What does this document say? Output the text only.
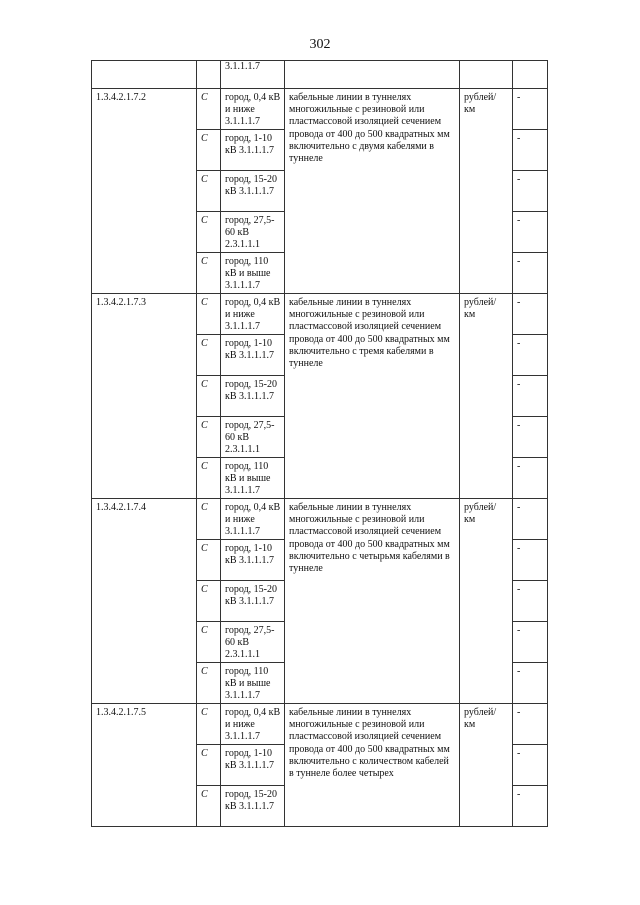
302
		3.1.1.1.7			
1.3.4.2.1.7.2	С	город, 0,4 кВ и ниже 3.1.1.1.7	кабельные линии в туннелях многожильные с резиновой или пластмассовой изоляцией сечением провода от 400 до 500 квадратных мм включительно с двумя кабелями в туннеле	рублей/ км	-
	С	город, 1-10 кВ 3.1.1.1.7			-
	С	город, 15-20 кВ 3.1.1.1.7			-
	С	город, 27,5-60 кВ 2.3.1.1.1			-
	С	город, 110 кВ и выше 3.1.1.1.7			-
1.3.4.2.1.7.3	С	город, 0,4 кВ и ниже 3.1.1.1.7	кабельные линии в туннелях многожильные с резиновой или пластмассовой изоляцией сечением провода от 400 до 500 квадратных мм включительно с тремя кабелями в туннеле	рублей/ км	-
	С	город, 1-10 кВ 3.1.1.1.7			-
	С	город, 15-20 кВ 3.1.1.1.7			-
	С	город, 27,5-60 кВ 2.3.1.1.1			-
	С	город, 110 кВ и выше 3.1.1.1.7			-
1.3.4.2.1.7.4	С	город, 0,4 кВ и ниже 3.1.1.1.7	кабельные линии в туннелях многожильные с резиновой или пластмассовой изоляцией сечением провода от 400 до 500 квадратных мм включительно с четырьмя кабелями в туннеле	рублей/ км	-
	С	город, 1-10 кВ 3.1.1.1.7			-
	С	город, 15-20 кВ 3.1.1.1.7			-
	С	город, 27,5-60 кВ 2.3.1.1.1			-
	С	город, 110 кВ и выше 3.1.1.1.7			-
1.3.4.2.1.7.5	С	город, 0,4 кВ и ниже 3.1.1.1.7	кабельные линии в туннелях многожильные с резиновой или пластмассовой изоляцией сечением провода от 400 до 500 квадратных мм включительно с количеством кабелей в туннеле более четырех	рублей/ км	-
	С	город, 1-10 кВ 3.1.1.1.7			-
	С	город, 15-20 кВ 3.1.1.1.7			-
